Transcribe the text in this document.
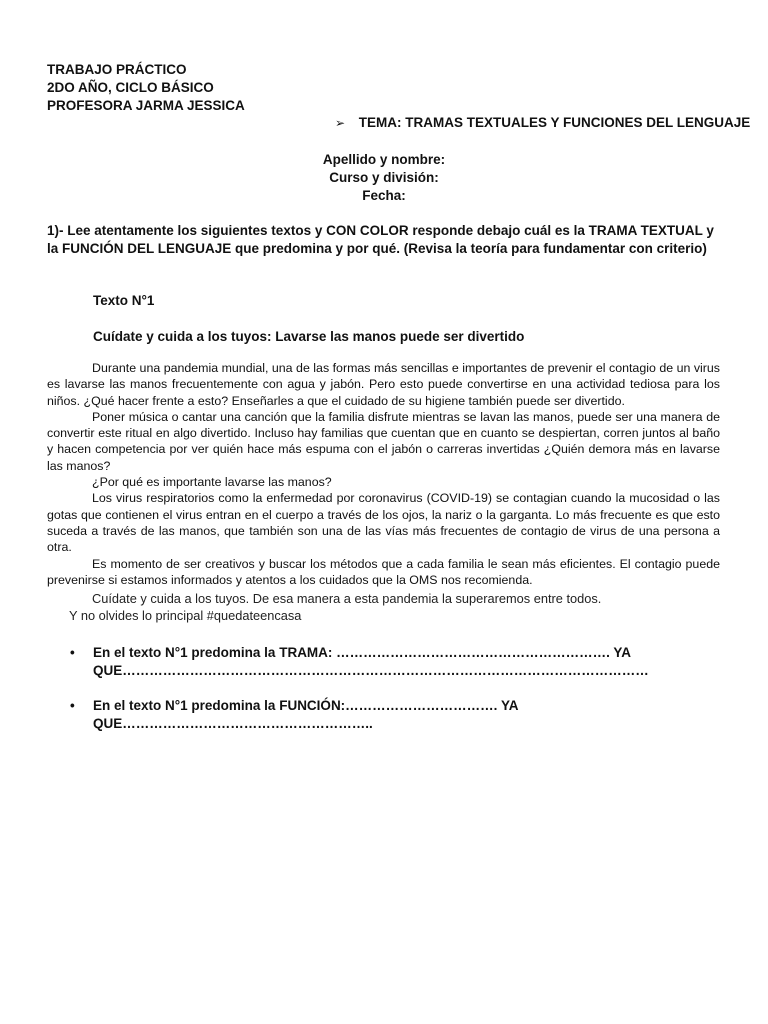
TRABAJO PRÁCTICO
2DO AÑO, CICLO BÁSICO
PROFESORA JARMA JESSICA
➢ TEMA: TRAMAS TEXTUALES Y FUNCIONES DEL LENGUAJE
Apellido y nombre:
Curso y división:
Fecha:
1)- Lee atentamente los siguientes textos y CON COLOR responde debajo cuál es la TRAMA TEXTUAL y la FUNCIÓN DEL LENGUAJE que predomina y por qué. (Revisa la teoría para fundamentar con criterio)
Texto N°1
Cuídate y cuida a los tuyos: Lavarse las manos puede ser divertido

Durante una pandemia mundial, una de las formas más sencillas e importantes de prevenir el contagio de un virus es lavarse las manos frecuentemente con agua y jabón. Pero esto puede convertirse en una actividad tediosa para los niños. ¿Qué hacer frente a esto? Enseñarles a que el cuidado de su higiene también puede ser divertido.

Poner música o cantar una canción que la familia disfrute mientras se lavan las manos, puede ser una manera de convertir este ritual en algo divertido. Incluso hay familias que cuentan que en cuanto se despiertan, corren juntos al baño y hacen competencia por ver quién hace más espuma con el jabón o carreras invertidas ¿Quién demora más en lavarse las manos?

¿Por qué es importante lavarse las manos?

Los virus respiratorios como la enfermedad por coronavirus (COVID-19) se contagian cuando la mucosidad o las gotas que contienen el virus entran en el cuerpo a través de los ojos, la nariz o la garganta. Lo más frecuente es que esto suceda a través de las manos, que también son una de las vías más frecuentes de contagio de virus de una persona a otra.

Es momento de ser creativos y buscar los métodos que a cada familia le sean más eficientes. El contagio puede prevenirse si estamos informados y atentos a los cuidados que la OMS nos recomienda.

Cuídate y cuida a los tuyos. De esa manera a esta pandemia la superaremos entre todos.

Y no olvides lo principal #quedateencasa

•	En el texto N°1 predomina la TRAMA: ……………………………………………………. YA
QUE………………………………………………………………………………………………………
•	En el texto N°1 predomina la FUNCIÓN:……………………………. YA
QUE………………………………………………..
